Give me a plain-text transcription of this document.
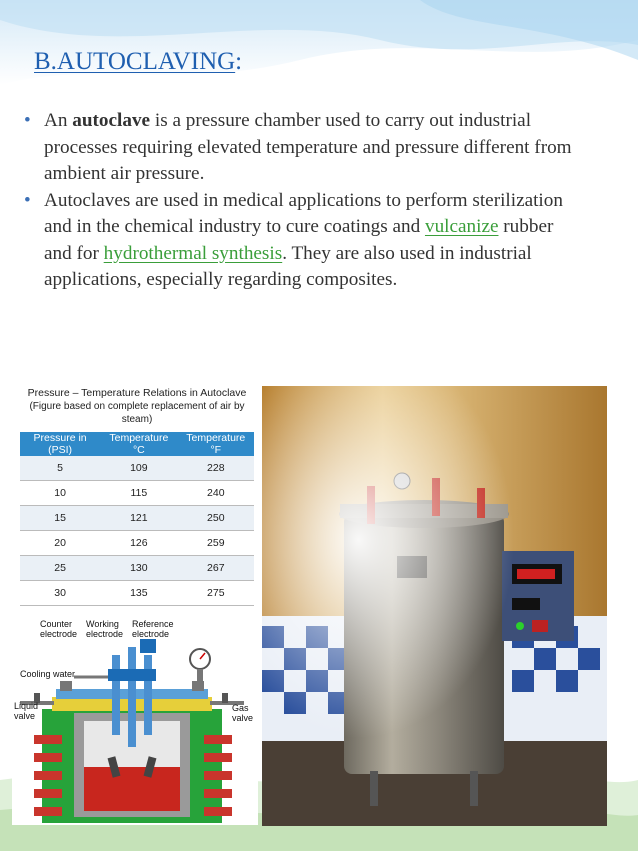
B.AUTOCLAVING:
• An autoclave is a pressure chamber used to carry out industrial processes requiring elevated temperature and pressure different from ambient air pressure.
• Autoclaves are used in medical applications to perform sterilization and in the chemical industry to cure coatings and vulcanize rubber and for hydrothermal synthesis. They are also used in industrial applications, especially regarding composites.
Pressure – Temperature Relations in Autoclave
(Figure based on complete replacement of air by steam)
Pressure in (PSI)	Temperature °C	Temperature °F
5	109	228
10	115	240
15	121	250
20	126	259
25	130	267
30	135	275
Counter
electrode
Working
electrode
Reference
electrode
Cooling water
Liquid
valve
Gas
valve
